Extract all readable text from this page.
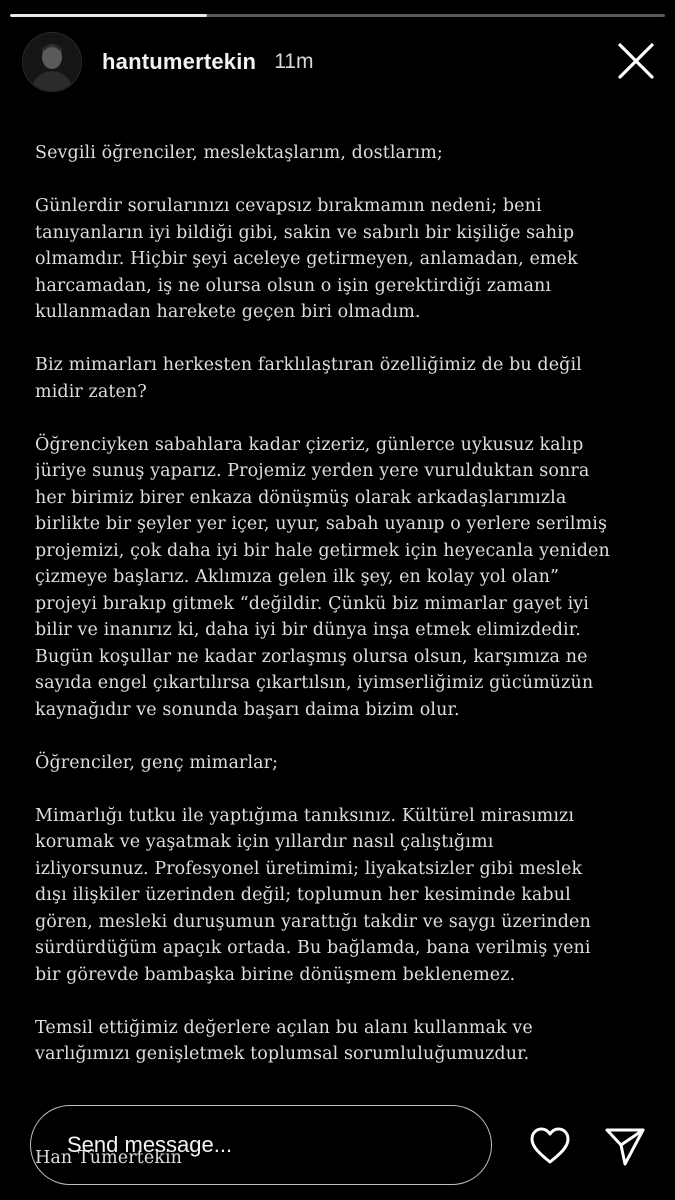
hantumertekin 11m

Sevgili öğrenciler, meslektaşlarım, dostlarım;

Günlerdir sorularınızı cevapsız bırakmamın nedeni; beni
tanıyanların iyi bildiği gibi, sakin ve sabırlı bir kişiliğe sahip
olmamdır. Hiçbir şeyi aceleye getirmeyen, anlamadan, emek
harcamadan, iş ne olursa olsun o işin gerektirdiği zamanı
kullanmadan harekete geçen biri olmadım.

Biz mimarları herkesten farklılaştıran özelliğimiz de bu değil
midir zaten?

Öğrenciyken sabahlara kadar çizeriz, günlerce uykusuz kalıp
jüriye sunuş yaparız. Projemiz yerden yere vurulduktan sonra
her birimiz birer enkaza dönüşmüş olarak arkadaşlarımızla
birlikte bir şeyler yer içer, uyur, sabah uyanıp o yerlere serilmiş
projemizi, çok daha iyi bir hale getirmek için heyecanla yeniden
çizmeye başlarız. Aklımıza gelen ilk şey, en kolay yol olan”
projeyi bırakıp gitmek “değildir. Çünkü biz mimarlar gayet iyi
bilir ve inanırız ki, daha iyi bir dünya inşa etmek elimizdedir.
Bugün koşullar ne kadar zorlaşmış olursa olsun, karşımıza ne
sayıda engel çıkartılırsa çıkartılsın, iyimserliğimiz gücümüzün
kaynağıdır ve sonunda başarı daima bizim olur.

Öğrenciler, genç mimarlar;

Mimarlığı tutku ile yaptığıma tanıksınız. Kültürel mirasımızı
korumak ve yaşatmak için yıllardır nasıl çalıştığımı
izliyorsunuz. Profesyonel üretimimi; liyakatsizler gibi meslek
dışı ilişkiler üzerinden değil; toplumun her kesiminde kabul
gören, mesleki duruşumun yarattığı takdir ve saygı üzerinden
sürdürdüğüm apaçık ortada. Bu bağlamda, bana verilmiş yeni
bir görevde bambaşka birine dönüşmem beklenemez.

Temsil ettiğimiz değerlere açılan bu alanı kullanmak ve
varlığımızı genişletmek toplumsal sorumluluğumuzdur.

Han Tümertekin

Send message...
